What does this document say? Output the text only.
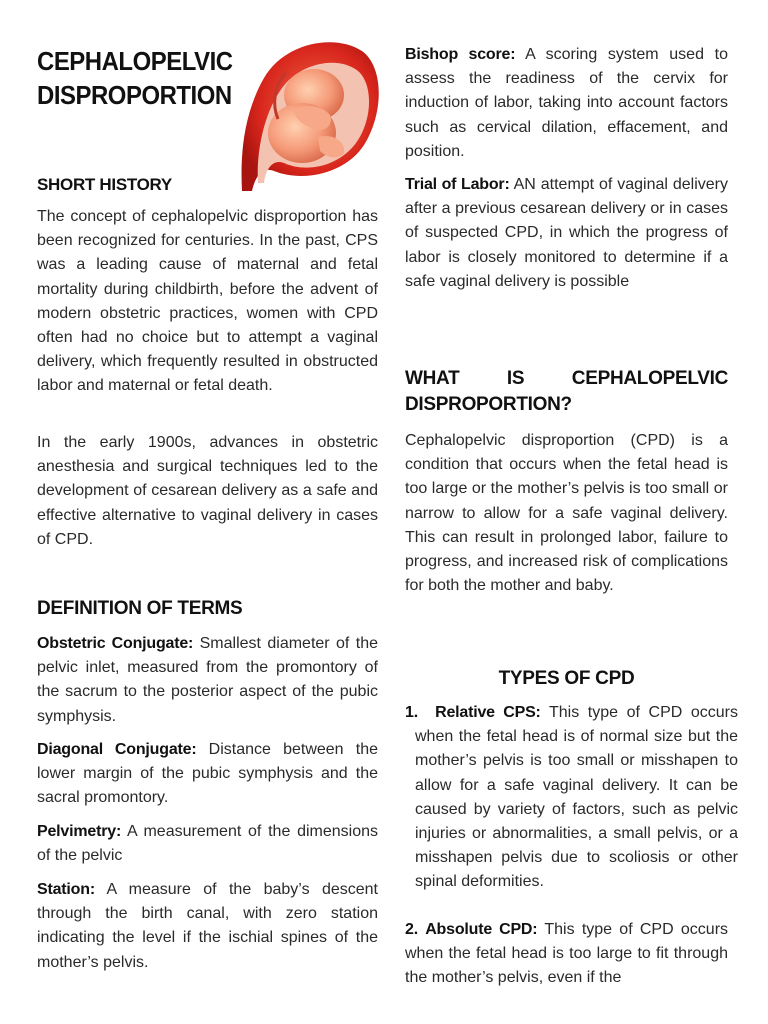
CEPHALOPELVIC DISPROPORTION
SHORT HISTORY

The concept of cephalopelvic disproportion has been recognized for centuries. In the past, CPS was a leading cause of maternal and fetal mortality during childbirth, before the advent of modern obstetric practices, women with CPD often had no choice but to attempt a vaginal delivery, which frequently resulted in obstructed labor and maternal or fetal death.

In the early 1900s, advances in obstetric anesthesia and surgical techniques led to the development of cesarean delivery as a safe and effective alternative to vaginal delivery in cases of CPD.

DEFINITION OF TERMS
Obstetric Conjugate: Smallest diameter of the pelvic inlet, measured from the promontory of the sacrum to the posterior aspect of the pubic symphysis.
Diagonal Conjugate: Distance between the lower margin of the pubic symphysis and the sacral promontory.
Pelvimetry: A measurement of the dimensions of the pelvic
Station: A measure of the baby’s descent through the birth canal, with zero station indicating the level if the ischial spines of the mother’s pelvis.
Bishop score: A scoring system used to assess the readiness of the cervix for induction of labor, taking into account factors such as cervical dilation, effacement, and position.
Trial of Labor: AN attempt of vaginal delivery after a previous cesarean delivery or in cases of suspected CPD, in which the progress of labor is closely monitored to determine if a safe vaginal delivery is possible
WHAT IS CEPHALOPELVIC DISPROPORTION?

Cephalopelvic disproportion (CPD) is a condition that occurs when the fetal head is too large or the mother’s pelvis is too small or narrow to allow for a safe vaginal delivery. This can result in prolonged labor, failure to progress, and increased risk of complications for both the mother and baby.

TYPES OF CPD
1. Relative CPS: This type of CPD occurs when the fetal head is of normal size but the mother’s pelvis is too small or misshapen to allow for a safe vaginal delivery. It can be caused by variety of factors, such as pelvic injuries or abnormalities, a small pelvis, or a misshapen pelvis due to scoliosis or other spinal deformities.
2. Absolute CPD: This type of CPD occurs when the fetal head is too large to fit through the mother’s pelvis, even if the
